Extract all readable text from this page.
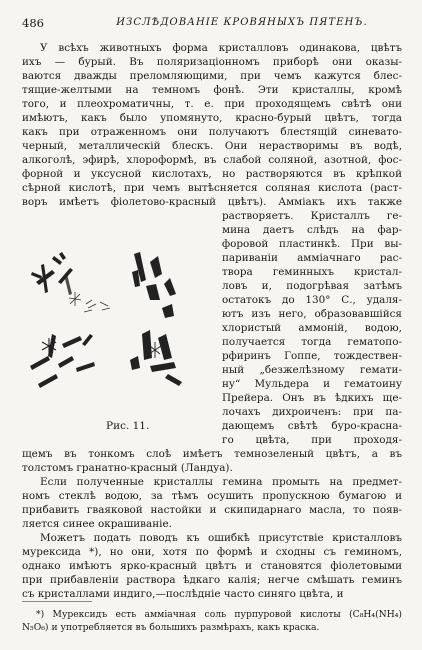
486	ИЗСЛѢДОВАНІЕ КРОВЯНЫХЪ ПЯТЕНЪ.
У всѣхъ животныхъ форма кристалловъ одинакова, цвѣтъ
ихъ — бурый. Въ поляризаціонномъ приборѣ они оказы-
ваются дважды преломляющими, при чемъ кажутся блес-
тящие-желтыми на темномъ фонѣ. Эти кристаллы, кромѣ
того, и плеохроматичны, т. е. при проходящемъ свѣтѣ они
имѣютъ, какъ было упомянуто, красно-бурый цвѣтъ, тогда
какъ при отраженномъ они получаютъ блестящій синевато-
черный, металлическій блескъ. Они нерастворимы въ водѣ,
алкоголѣ, эфирѣ, хлороформѣ, въ слабой соляной, азотной, фос-
форной и уксусной кислотахъ, но растворяются въ крѣпкой
сѣрной кислотѣ, при чемъ вытѣсняется соляная кислота (раст-
воръ имѣетъ фіолетово-красный цвѣтъ). Аммiакъ ихъ также
растворяетъ. Кристаллъ ге-
мина даетъ слѣдъ на фар-
форовой пластинкѣ. При вы-
париваніи амміачнаго рас-
твора гeминныхъ кристал-
ловъ и, подогрѣвая затѣмъ
остатокъ до 130° С., удаля-
ютъ изъ него, образовавшійся
хлористый аммоній, водою,
получается тогда гематопо-
рфиринъ Гоппе, тождествен-
ный „безжелѣзному гемати-
ну“ Мульдера и гематоину
Прейера. Онъ въ ѣдкихъ ще-
лочахъ дихроиченъ: при па-
дающемъ свѣтѣ буро-красна-
го цвѣта, при проходя-
Рис. 11.
щемъ въ тонкомъ слоѣ имѣетъ темнозеленый цвѣтъ, а въ
толстомъ гранатно-красный (Ландуа).
Если полученные кристаллы гемина промыть на предмет-
номъ стеклѣ водою, за тѣмъ осушить пропускною бумагою и
прибавить гваяковой настойки и скипидарнаго масла, то появ-
ляется синее окрашиваніе.
Можетъ подать поводъ къ ошибкѣ присутствіе кристалловъ
мурексида *), но они, хотя по формѣ и сходны съ геминомъ,
однако имѣютъ ярко-красный цвѣтъ и становятся фіолетовыми
при прибавленіи раствора ѣдкаго калія; негче смѣшать геминъ
съ кристаллами индиго,—послѣдніе часто синяго цвѣта, и
*) Мурексидъ есть амміачная соль пурпуровой кислоты (C₈H₄(NH₄)
N₅O₆) и употребляется въ большихъ размѣрахъ, какъ краска.
